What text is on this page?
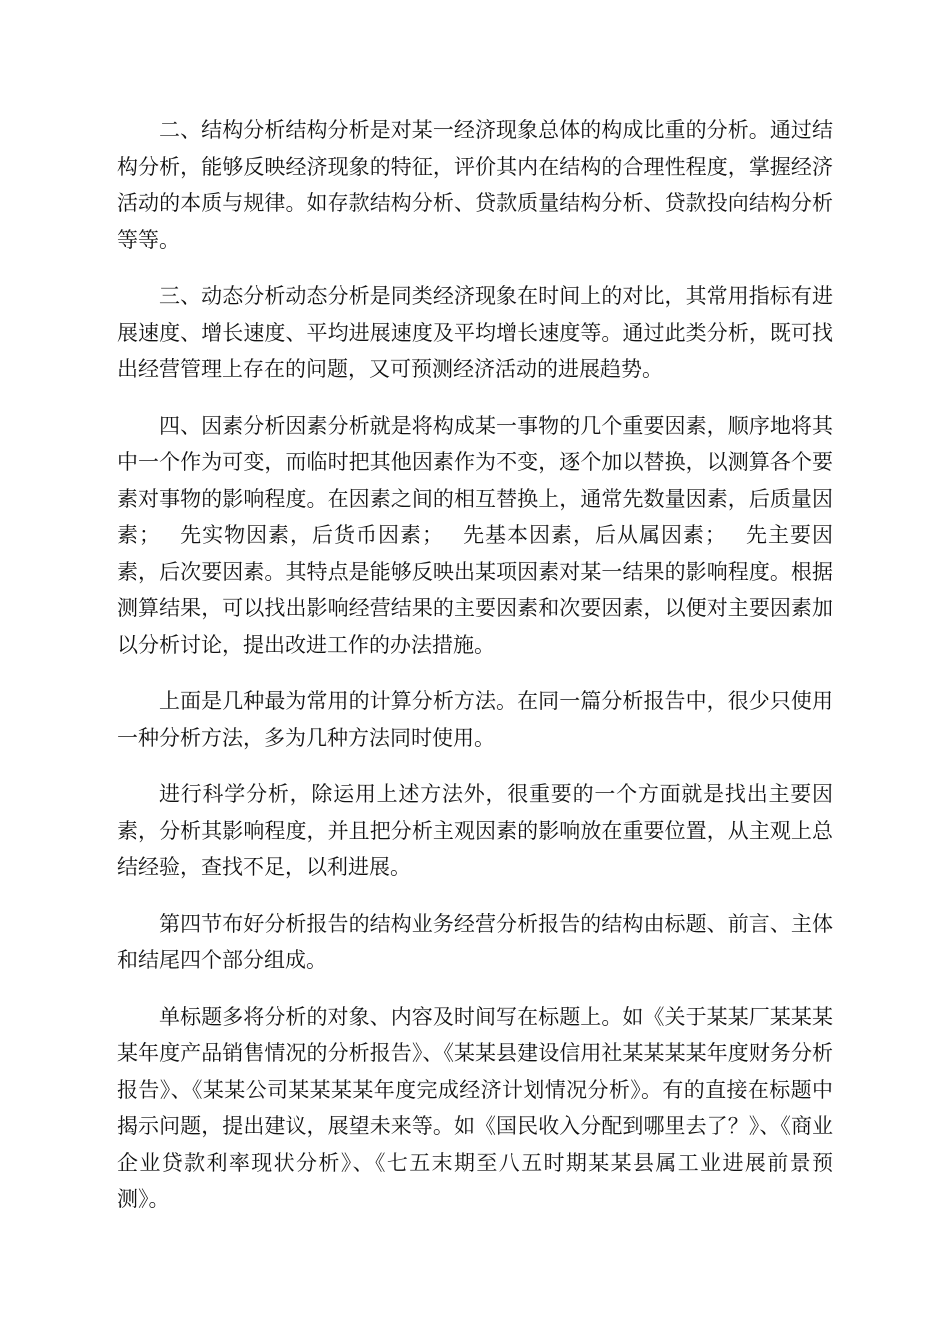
二、结构分析结构分析是对某一经济现象总体的构成比重的分析。通过结构分析，能够反映经济现象的特征，评价其内在结构的合理性程度，掌握经济活动的本质与规律。如存款结构分析、贷款质量结构分析、贷款投向结构分析等等。

三、动态分析动态分析是同类经济现象在时间上的对比，其常用指标有进展速度、增长速度、平均进展速度及平均增长速度等。通过此类分析，既可找出经营管理上存在的问题，又可预测经济活动的进展趋势。

四、因素分析因素分析就是将构成某一事物的几个重要因素，顺序地将其中一个作为可变，而临时把其他因素作为不变，逐个加以替换，以测算各个要素对事物的影响程度。在因素之间的相互替换上，通常先数量因素，后质量因素；　 先实物因素，后货币因素；　 先基本因素，后从属因素；　 先主要因素，后次要因素。其特点是能够反映出某项因素对某一结果的影响程度。根据测算结果，可以找出影响经营结果的主要因素和次要因素，以便对主要因素加以分析讨论，提出改进工作的办法措施。

上面是几种最为常用的计算分析方法。在同一篇分析报告中，很少只使用一种分析方法，多为几种方法同时使用。

进行科学分析，除运用上述方法外，很重要的一个方面就是找出主要因素，分析其影响程度，并且把分析主观因素的影响放在重要位置，从主观上总结经验，查找不足，以利进展。

第四节布好分析报告的结构业务经营分析报告的结构由标题、前言、主体和结尾四个部分组成。

单标题多将分析的对象、内容及时间写在标题上。如《关于某某厂某某某某年度产品销售情况的分析报告》、《某某县建设信用社某某某某年度财务分析报告》、《某某公司某某某某年度完成经济计划情况分析》。有的直接在标题中揭示问题，提出建议，展望未来等。如《国民收入分配到哪里去了？》、《商业企业贷款利率现状分析》、《七五末期至八五时期某某县属工业进展前景预测》。
